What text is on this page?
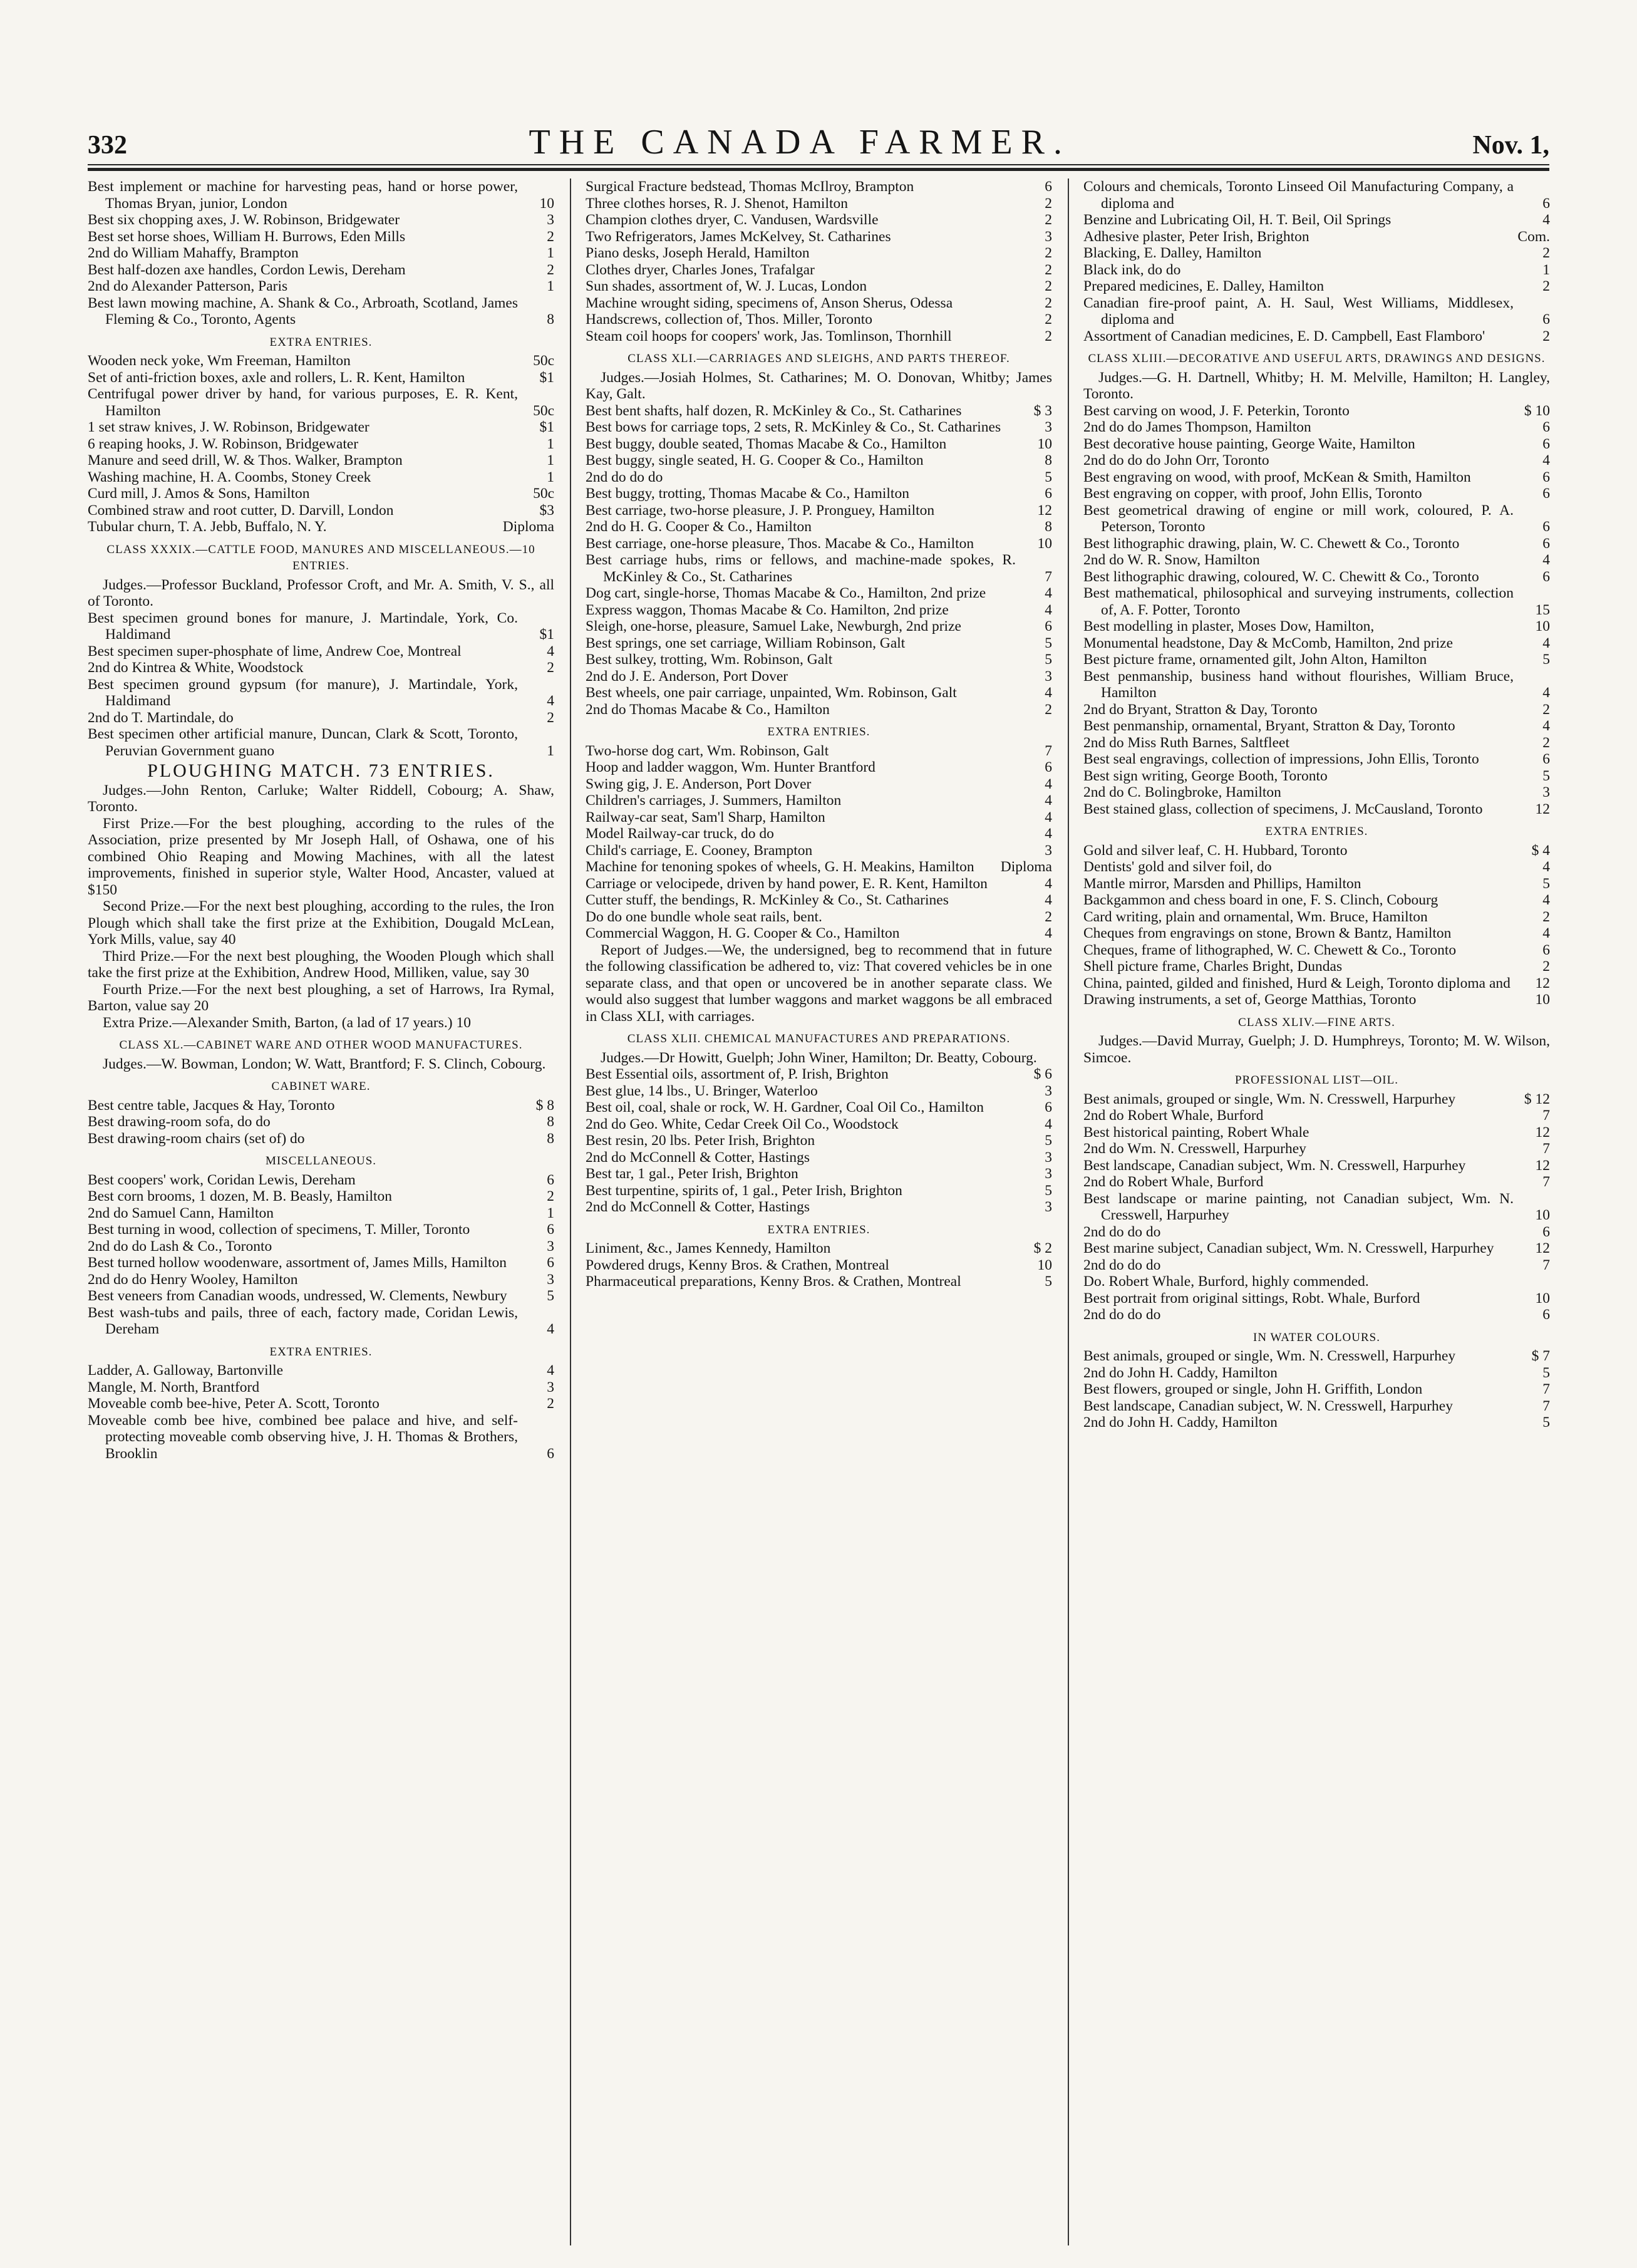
332	THE CANADA FARMER.	Nov. 1,
Best implement or machine for harvesting peas, hand or horse power, Thomas Bryan, junior, London	10
Best six chopping axes, J. W. Robinson, Bridgewater	3
Best set horse shoes, William H. Burrows, Eden Mills	2
2nd do William Mahaffy, Brampton	1
Best half-dozen axe handles, Cordon Lewis, Dereham	2
2nd do Alexander Patterson, Paris	1
Best lawn mowing machine, A. Shank & Co., Arbroath, Scotland, James Fleming & Co., Toronto, Agents	8
EXTRA ENTRIES.
Wooden neck yoke, Wm Freeman, Hamilton	50c
Set of anti-friction boxes, axle and rollers, L. R. Kent, Hamilton	$1
Centrifugal power driver by hand, for various purposes, E. R. Kent, Hamilton	50c
1 set straw knives, J. W. Robinson, Bridgewater	$1
6 reaping hooks, J. W. Robinson, Bridgewater	1
Manure and seed drill, W. & Thos. Walker, Brampton	1
Washing machine, H. A. Coombs, Stoney Creek	1
Curd mill, J. Amos & Sons, Hamilton	50c
Combined straw and root cutter, D. Darvill, London	$3
Tubular churn, T. A. Jebb, Buffalo, N. Y.	Diploma
CLASS XXXIX.—CATTLE FOOD, MANURES AND MISCELLANEOUS.—10 ENTRIES.
Judges.—Professor Buckland, Professor Croft, and Mr. A. Smith, V. S., all of Toronto.
Best specimen ground bones for manure, J. Martindale, York, Co. Haldimand	$1
Best specimen super-phosphate of lime, Andrew Coe, Montreal	4
2nd do Kintrea & White, Woodstock	2
Best specimen ground gypsum (for manure), J. Martindale, York, Haldimand	4
2nd do T. Martindale, do	2
Best specimen other artificial manure, Duncan, Clark & Scott, Toronto, Peruvian Government guano	1
PLOUGHING MATCH. 73 ENTRIES.
Judges.—John Renton, Carluke; Walter Riddell, Cobourg; A. Shaw, Toronto.
First Prize.—For the best ploughing, according to the rules of the Association, prize presented by Mr Joseph Hall, of Oshawa, one of his combined Ohio Reaping and Mowing Machines, with all the latest improvements, finished in superior style, Walter Hood, Ancaster, valued at $150
Second Prize.—For the next best ploughing, according to the rules, the Iron Plough which shall take the first prize at the Exhibition, Dougald McLean, York Mills, value, say 40
Third Prize.—For the next best ploughing, the Wooden Plough which shall take the first prize at the Exhibition, Andrew Hood, Milliken, value, say 30
Fourth Prize.—For the next best ploughing, a set of Harrows, Ira Rymal, Barton, value say 20
Extra Prize.—Alexander Smith, Barton, (a lad of 17 years.) 10
CLASS XL.—CABINET WARE AND OTHER WOOD MANUFACTURES.
Judges.—W. Bowman, London; W. Watt, Brantford; F. S. Clinch, Cobourg.
CABINET WARE.
Best centre table, Jacques & Hay, Toronto	$ 8
Best drawing-room sofa, do do	8
Best drawing-room chairs (set of) do	8
MISCELLANEOUS.
Best coopers' work, Coridan Lewis, Dereham	6
Best corn brooms, 1 dozen, M. B. Beasly, Hamilton	2
2nd do Samuel Cann, Hamilton	1
Best turning in wood, collection of specimens, T. Miller, Toronto	6
2nd do do Lash & Co., Toronto	3
Best turned hollow woodenware, assortment of, James Mills, Hamilton	6
2nd do do Henry Wooley, Hamilton	3
Best veneers from Canadian woods, undressed, W. Clements, Newbury	5
Best wash-tubs and pails, three of each, factory made, Coridan Lewis, Dereham	4
EXTRA ENTRIES.
Ladder, A. Galloway, Bartonville	4
Mangle, M. North, Brantford	3
Moveable comb bee-hive, Peter A. Scott, Toronto	2
Moveable comb bee hive, combined bee palace and hive, and self-protecting moveable comb observing hive, J. H. Thomas & Brothers, Brooklin	6
Surgical Fracture bedstead, Thomas McIlroy, Brampton	6
Three clothes horses, R. J. Shenot, Hamilton	2
Champion clothes dryer, C. Vandusen, Wardsville	2
Two Refrigerators, James McKelvey, St. Catharines	3
Piano desks, Joseph Herald, Hamilton	2
Clothes dryer, Charles Jones, Trafalgar	2
Sun shades, assortment of, W. J. Lucas, London	2
Machine wrought siding, specimens of, Anson Sherus, Odessa	2
Handscrews, collection of, Thos. Miller, Toronto	2
Steam coil hoops for coopers' work, Jas. Tomlinson, Thornhill	2
CLASS XLI.—CARRIAGES AND SLEIGHS, AND PARTS THEREOF.
Judges.—Josiah Holmes, St. Catharines; M. O. Donovan, Whitby; James Kay, Galt.
Best bent shafts, half dozen, R. McKinley & Co., St. Catharines	$ 3
Best bows for carriage tops, 2 sets, R. McKinley & Co., St. Catharines	3
Best buggy, double seated, Thomas Macabe & Co., Hamilton	10
Best buggy, single seated, H. G. Cooper & Co., Hamilton	8
2nd do do do	5
Best buggy, trotting, Thomas Macabe & Co., Hamilton	6
Best carriage, two-horse pleasure, J. P. Pronguey, Hamilton	12
2nd do H. G. Cooper & Co., Hamilton	8
Best carriage, one-horse pleasure, Thos. Macabe & Co., Hamilton	10
Best carriage hubs, rims or fellows, and machine-made spokes, R. McKinley & Co., St. Catharines	7
Dog cart, single-horse, Thomas Macabe & Co., Hamilton, 2nd prize	4
Express waggon, Thomas Macabe & Co. Hamilton, 2nd prize	4
Sleigh, one-horse, pleasure, Samuel Lake, Newburgh, 2nd prize	6
Best springs, one set carriage, William Robinson, Galt	5
Best sulkey, trotting, Wm. Robinson, Galt	5
2nd do J. E. Anderson, Port Dover	3
Best wheels, one pair carriage, unpainted, Wm. Robinson, Galt	4
2nd do Thomas Macabe & Co., Hamilton	2
EXTRA ENTRIES.
Two-horse dog cart, Wm. Robinson, Galt	7
Hoop and ladder waggon, Wm. Hunter Brantford	6
Swing gig, J. E. Anderson, Port Dover	4
Children's carriages, J. Summers, Hamilton	4
Railway-car seat, Sam'l Sharp, Hamilton	4
Model Railway-car truck, do do	4
Child's carriage, E. Cooney, Brampton	3
Machine for tenoning spokes of wheels, G. H. Meakins, Hamilton Diploma
Carriage or velocipede, driven by hand power, E. R. Kent, Hamilton	4
Cutter stuff, the bendings, R. McKinley & Co., St. Catharines	4
Do do one bundle whole seat rails, bent.	2
Commercial Waggon, H. G. Cooper & Co., Hamilton	4
Report of Judges.—We, the undersigned, beg to recommend that in future the following classification be adhered to, viz: That covered vehicles be in one separate class, and that open or uncovered be in another separate class. We would also suggest that lumber waggons and market waggons be all embraced in Class XLI, with carriages.
CLASS XLII. CHEMICAL MANUFACTURES AND PREPARATIONS.
Judges.—Dr Howitt, Guelph; John Winer, Hamilton; Dr. Beatty, Cobourg.
Best Essential oils, assortment of, P. Irish, Brighton	$ 6
Best glue, 14 lbs., U. Bringer, Waterloo	3
Best oil, coal, shale or rock, W. H. Gardner, Coal Oil Co., Hamilton	6
2nd do Geo. White, Cedar Creek Oil Co., Woodstock	4
Best resin, 20 lbs. Peter Irish, Brighton	5
2nd do McConnell & Cotter, Hastings	3
Best tar, 1 gal., Peter Irish, Brighton	3
Best turpentine, spirits of, 1 gal., Peter Irish, Brighton	5
2nd do McConnell & Cotter, Hastings	3
EXTRA ENTRIES.
Liniment, &c., James Kennedy, Hamilton	$ 2
Powdered drugs, Kenny Bros. & Crathen, Montreal	10
Pharmaceutical preparations, Kenny Bros. & Crathen, Montreal	5
Colours and chemicals, Toronto Linseed Oil Manufacturing Company, a diploma and	6
Benzine and Lubricating Oil, H. T. Beil, Oil Springs	4
Adhesive plaster, Peter Irish, Brighton	Com.
Blacking, E. Dalley, Hamilton	2
Black ink, do do	1
Prepared medicines, E. Dalley, Hamilton	2
Canadian fire-proof paint, A. H. Saul, West Williams, Middlesex, diploma and	6
Assortment of Canadian medicines, E. D. Campbell, East Flamboro'	2
CLASS XLIII.—DECORATIVE AND USEFUL ARTS, DRAWINGS AND DESIGNS.
Judges.—G. H. Dartnell, Whitby; H. M. Melville, Hamilton; H. Langley, Toronto.
Best carving on wood, J. F. Peterkin, Toronto	$ 10
2nd do do James Thompson, Hamilton	6
Best decorative house painting, George Waite, Hamilton	6
2nd do do do John Orr, Toronto	4
Best engraving on wood, with proof, McKean & Smith, Hamilton	6
Best engraving on copper, with proof, John Ellis, Toronto	6
Best geometrical drawing of engine or mill work, coloured, P. A. Peterson, Toronto	6
Best lithographic drawing, plain, W. C. Chewett & Co., Toronto	6
2nd do W. R. Snow, Hamilton	4
Best lithographic drawing, coloured, W. C. Chewitt & Co., Toronto	6
Best mathematical, philosophical and surveying instruments, collection of, A. F. Potter, Toronto	15
Best modelling in plaster, Moses Dow, Hamilton,	10
Monumental headstone, Day & McComb, Hamilton, 2nd prize	4
Best picture frame, ornamented gilt, John Alton, Hamilton	5
Best penmanship, business hand without flourishes, William Bruce, Hamilton	4
2nd do Bryant, Stratton & Day, Toronto	2
Best penmanship, ornamental, Bryant, Stratton & Day, Toronto	4
2nd do Miss Ruth Barnes, Saltfleet	2
Best seal engravings, collection of impressions, John Ellis, Toronto	6
Best sign writing, George Booth, Toronto	5
2nd do C. Bolingbroke, Hamilton	3
Best stained glass, collection of specimens, J. McCausland, Toronto	12
EXTRA ENTRIES.
Gold and silver leaf, C. H. Hubbard, Toronto	$ 4
Dentists' gold and silver foil, do	4
Mantle mirror, Marsden and Phillips, Hamilton	5
Backgammon and chess board in one, F. S. Clinch, Cobourg	4
Card writing, plain and ornamental, Wm. Bruce, Hamilton	2
Cheques from engravings on stone, Brown & Bantz, Hamilton	4
Cheques, frame of lithographed, W. C. Chewett & Co., Toronto	6
Shell picture frame, Charles Bright, Dundas	2
China, painted, gilded and finished, Hurd & Leigh, Toronto diploma and 12
Drawing instruments, a set of, George Matthias, Toronto	10
CLASS XLIV.—FINE ARTS.
Judges.—David Murray, Guelph; J. D. Humphreys, Toronto; M. W. Wilson, Simcoe.
PROFESSIONAL LIST—OIL.
Best animals, grouped or single, Wm. N. Cresswell, Harpurhey	$ 12
2nd do Robert Whale, Burford	7
Best historical painting, Robert Whale	12
2nd do Wm. N. Cresswell, Harpurhey	7
Best landscape, Canadian subject, Wm. N. Cresswell, Harpurhey	12
2nd do Robert Whale, Burford	7
Best landscape or marine painting, not Canadian subject, Wm. N. Cresswell, Harpurhey	10
2nd do do do	6
Best marine subject, Canadian subject, Wm. N. Cresswell, Harpurhey	12
2nd do do do	7
Do. Robert Whale, Burford, highly commended.
Best portrait from original sittings, Robt. Whale, Burford	10
2nd do do do	6
IN WATER COLOURS.
Best animals, grouped or single, Wm. N. Cresswell, Harpurhey	$ 7
2nd do John H. Caddy, Hamilton	5
Best flowers, grouped or single, John H. Griffith, London	7
Best landscape, Canadian subject, W. N. Cresswell, Harpurhey	7
2nd do John H. Caddy, Hamilton	5
